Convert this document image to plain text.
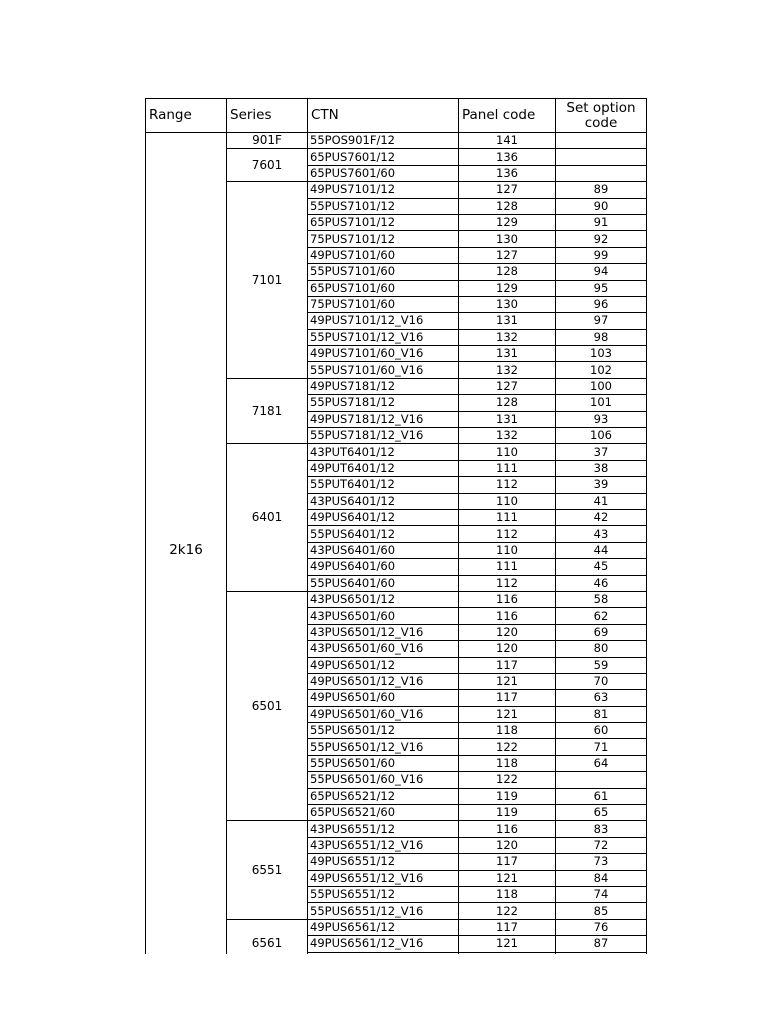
Range	Series	CTN	Panel code	Set option
code
2k16	901F	55POS901F/12	141	
	7601	65PUS7601/12	136	
		65PUS7601/60	136	
	7101	49PUS7101/12	127	89
		55PUS7101/12	128	90
		65PUS7101/12	129	91
		75PUS7101/12	130	92
		49PUS7101/60	127	99
		55PUS7101/60	128	94
		65PUS7101/60	129	95
		75PUS7101/60	130	96
		49PUS7101/12_V16	131	97
		55PUS7101/12_V16	132	98
		49PUS7101/60_V16	131	103
		55PUS7101/60_V16	132	102
	7181	49PUS7181/12	127	100
		55PUS7181/12	128	101
		49PUS7181/12_V16	131	93
		55PUS7181/12_V16	132	106
	6401	43PUT6401/12	110	37
		49PUT6401/12	111	38
		55PUT6401/12	112	39
		43PUS6401/12	110	41
		49PUS6401/12	111	42
		55PUS6401/12	112	43
		43PUS6401/60	110	44
		49PUS6401/60	111	45
		55PUS6401/60	112	46
	6501	43PUS6501/12	116	58
		43PUS6501/60	116	62
		43PUS6501/12_V16	120	69
		43PUS6501/60_V16	120	80
		49PUS6501/12	117	59
		49PUS6501/12_V16	121	70
		49PUS6501/60	117	63
		49PUS6501/60_V16	121	81
		55PUS6501/12	118	60
		55PUS6501/12_V16	122	71
		55PUS6501/60	118	64
		55PUS6501/60_V16	122	
		65PUS6521/12	119	61
		65PUS6521/60	119	65
	6551	43PUS6551/12	116	83
		43PUS6551/12_V16	120	72
		49PUS6551/12	117	73
		49PUS6551/12_V16	121	84
		55PUS6551/12	118	74
		55PUS6551/12_V16	122	85
	6561	49PUS6561/12	117	76
		49PUS6561/12_V16	121	87
